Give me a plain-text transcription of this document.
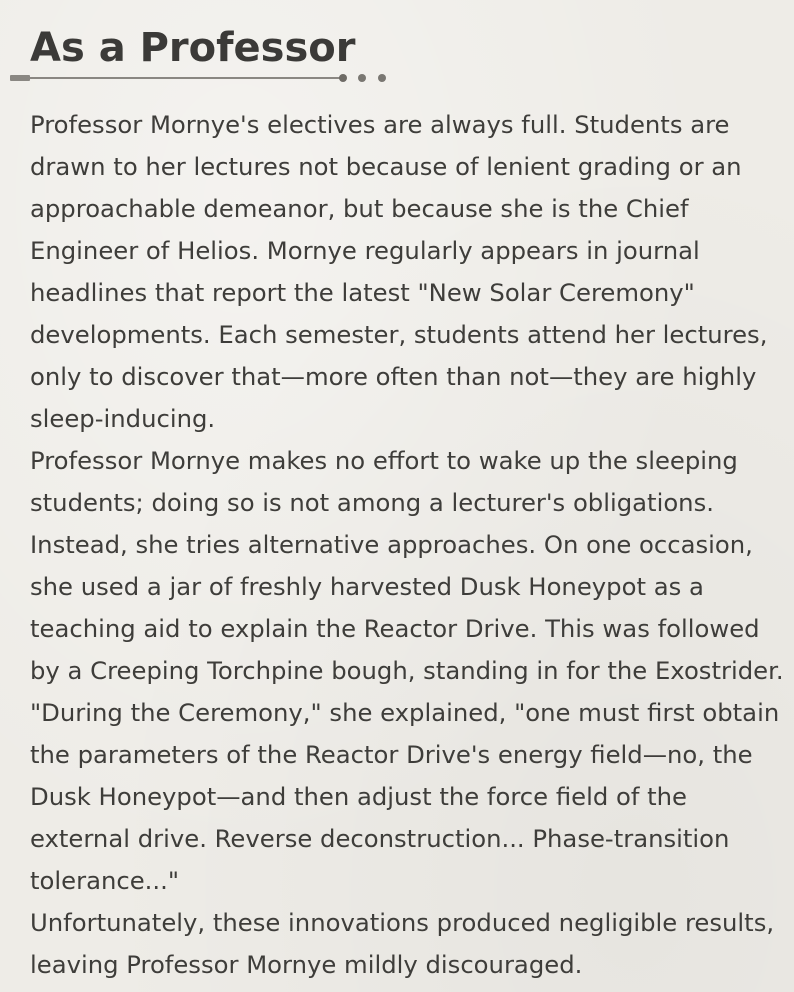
As a Professor

Professor Mornye's electives are always full. Students are drawn to her lectures not because of lenient grading or an approachable demeanor, but because she is the Chief Engineer of Helios. Mornye regularly appears in journal headlines that report the latest "New Solar Ceremony" developments. Each semester, students attend her lectures, only to discover that—more often than not—they are highly sleep-inducing.

Professor Mornye makes no effort to wake up the sleeping students; doing so is not among a lecturer's obligations. Instead, she tries alternative approaches. On one occasion, she used a jar of freshly harvested Dusk Honeypot as a teaching aid to explain the Reactor Drive. This was followed by a Creeping Torchpine bough, standing in for the Exostrider. "During the Ceremony," she explained, "one must first obtain the parameters of the Reactor Drive's energy field—no, the Dusk Honeypot—and then adjust the force field of the external drive. Reverse deconstruction... Phase-transition tolerance..."

Unfortunately, these innovations produced negligible results, leaving Professor Mornye mildly discouraged.
